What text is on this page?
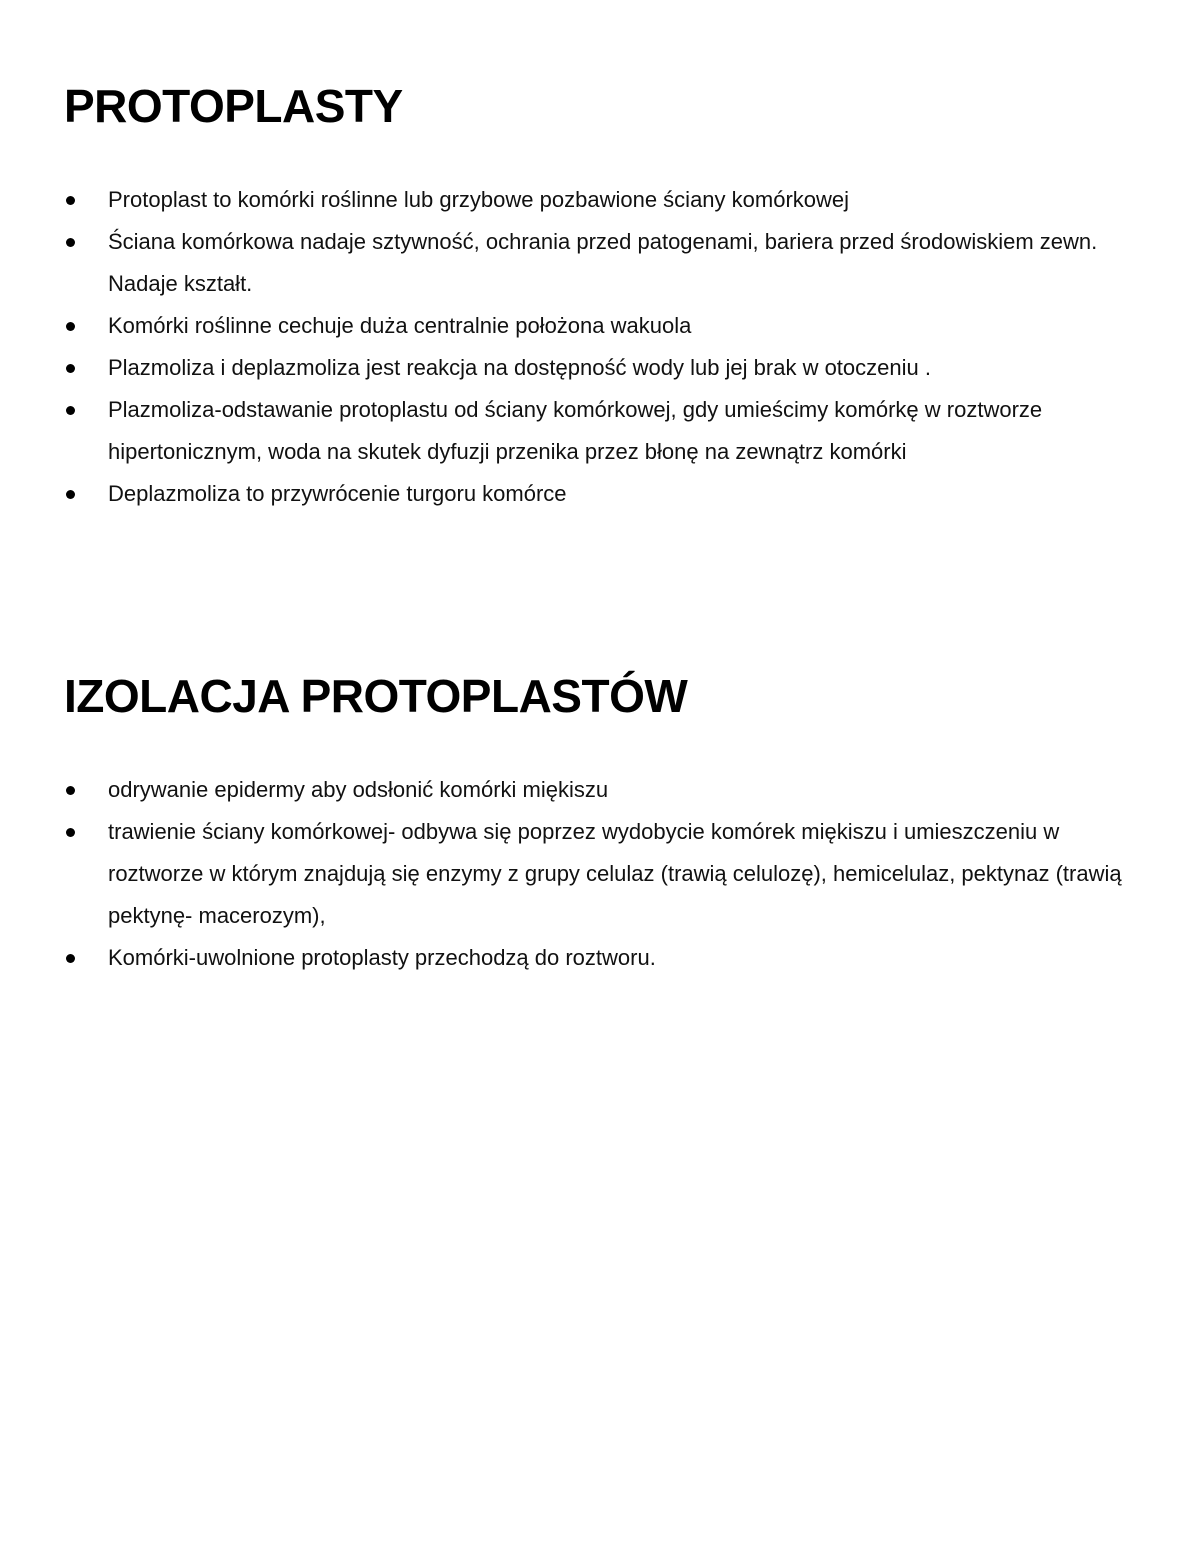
PROTOPLASTY
Protoplast to komórki roślinne lub grzybowe pozbawione ściany komórkowej
Ściana komórkowa nadaje sztywność, ochrania przed patogenami, bariera przed środowiskiem zewn. Nadaje kształt.
Komórki roślinne cechuje duża centralnie położona wakuola
Plazmoliza i deplazmoliza jest reakcja na dostępność wody lub jej brak w otoczeniu .
Plazmoliza-odstawanie protoplastu od ściany komórkowej, gdy umieścimy komórkę w roztworze hipertonicznym, woda na skutek dyfuzji przenika przez błonę na zewnątrz komórki
Deplazmoliza to przywrócenie turgoru komórce
IZOLACJA PROTOPLASTÓW
odrywanie epidermy aby odsłonić komórki miękiszu
trawienie ściany komórkowej- odbywa się poprzez wydobycie komórek miękiszu i umieszczeniu w roztworze w którym znajdują się enzymy z grupy celulaz (trawią celulozę), hemicelulaz, pektynaz (trawią pektynę- macerozym),
Komórki-uwolnione protoplasty przechodzą do roztworu.
